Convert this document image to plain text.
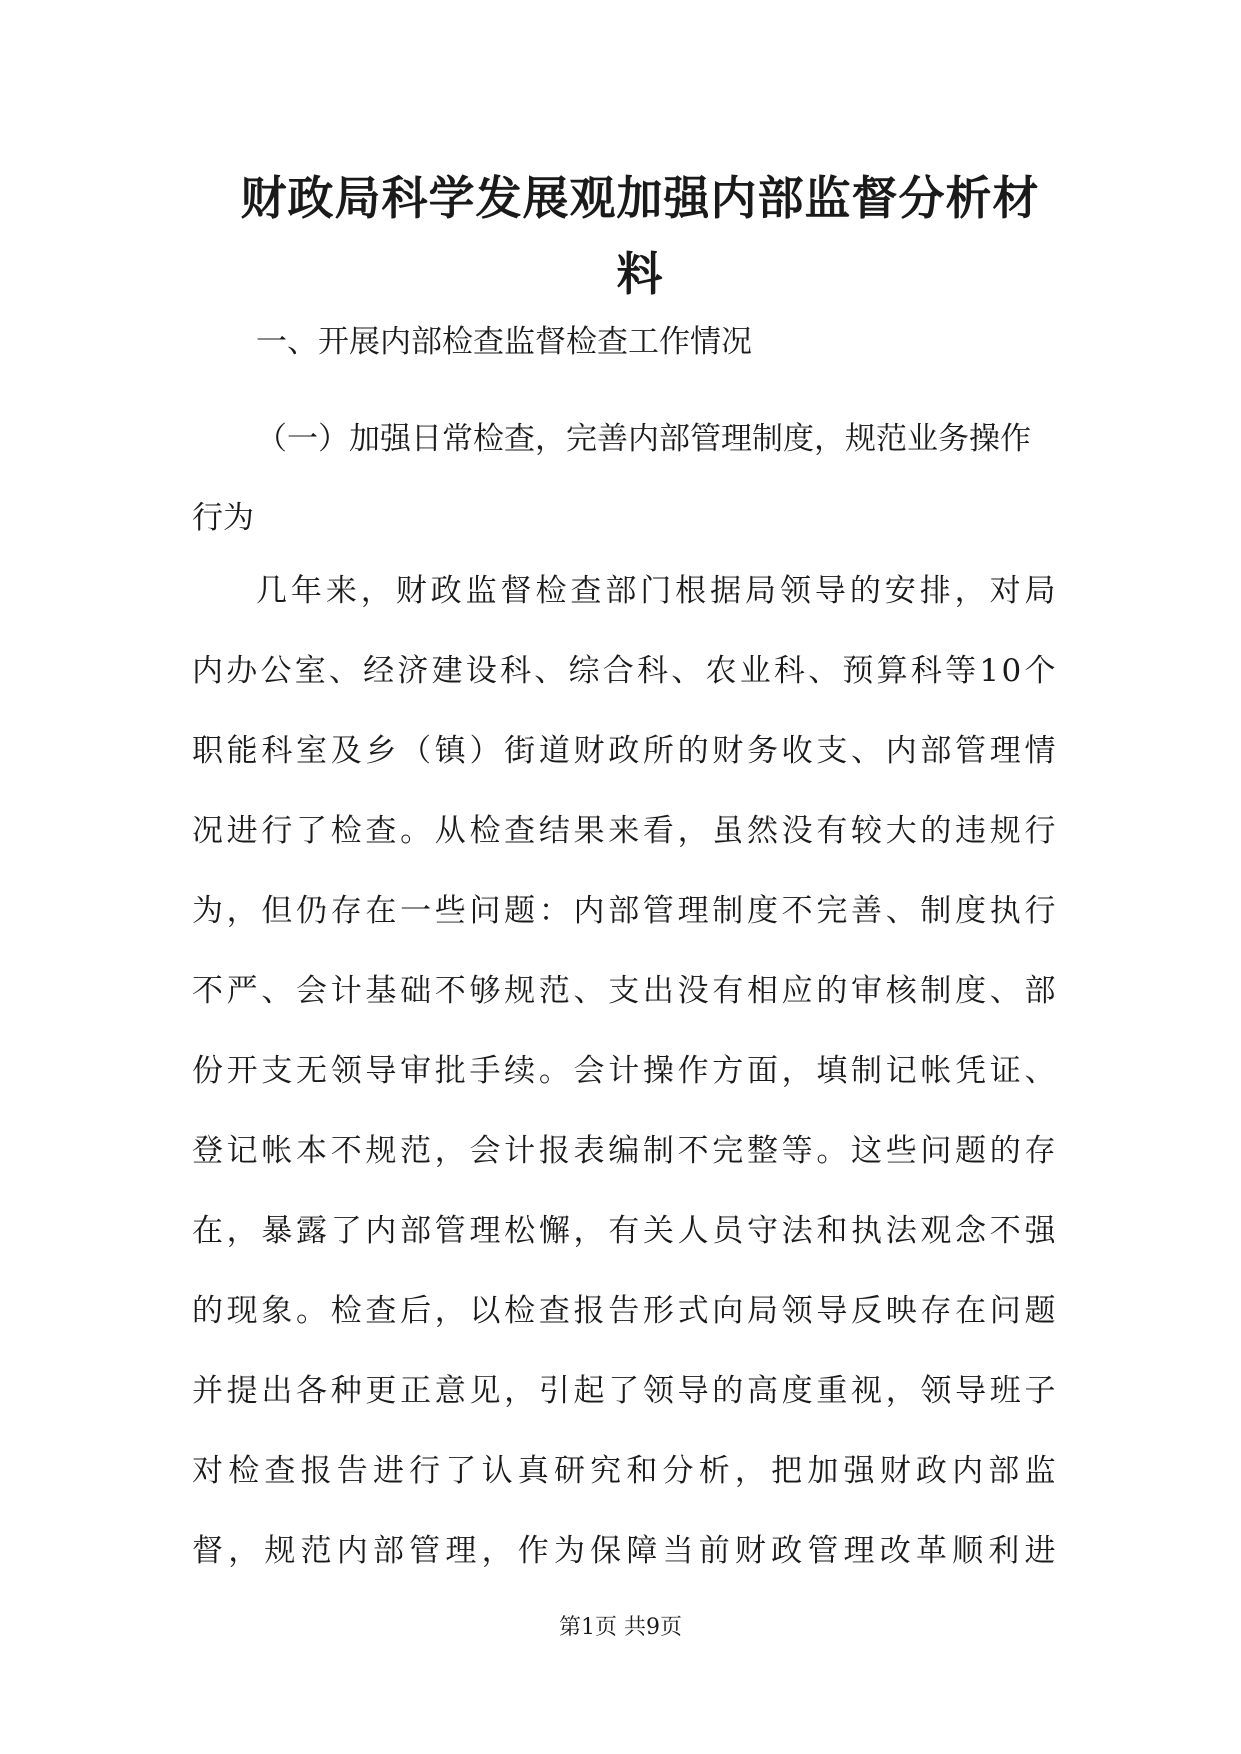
财政局科学发展观加强内部监督分析材料

一、开展内部检查监督检查工作情况

（一）加强日常检查，完善内部管理制度，规范业务操作行为

几年来，财政监督检查部门根据局领导的安排，对局内办公室、经济建设科、综合科、农业科、预算科等10个职能科室及乡（镇）街道财政所的财务收支、内部管理情况进行了检查。从检查结果来看，虽然没有较大的违规行为，但仍存在一些问题：内部管理制度不完善、制度执行不严、会计基础不够规范、支出没有相应的审核制度、部份开支无领导审批手续。会计操作方面，填制记帐凭证、登记帐本不规范，会计报表编制不完整等。这些问题的存在，暴露了内部管理松懈，有关人员守法和执法观念不强的现象。检查后，以检查报告形式向局领导反映存在问题并提出各种更正意见，引起了领导的高度重视，领导班子对检查报告进行了认真研究和分析，把加强财政内部监督，规范内部管理，作为保障当前财政管理改革顺利进

第1页 共9页
